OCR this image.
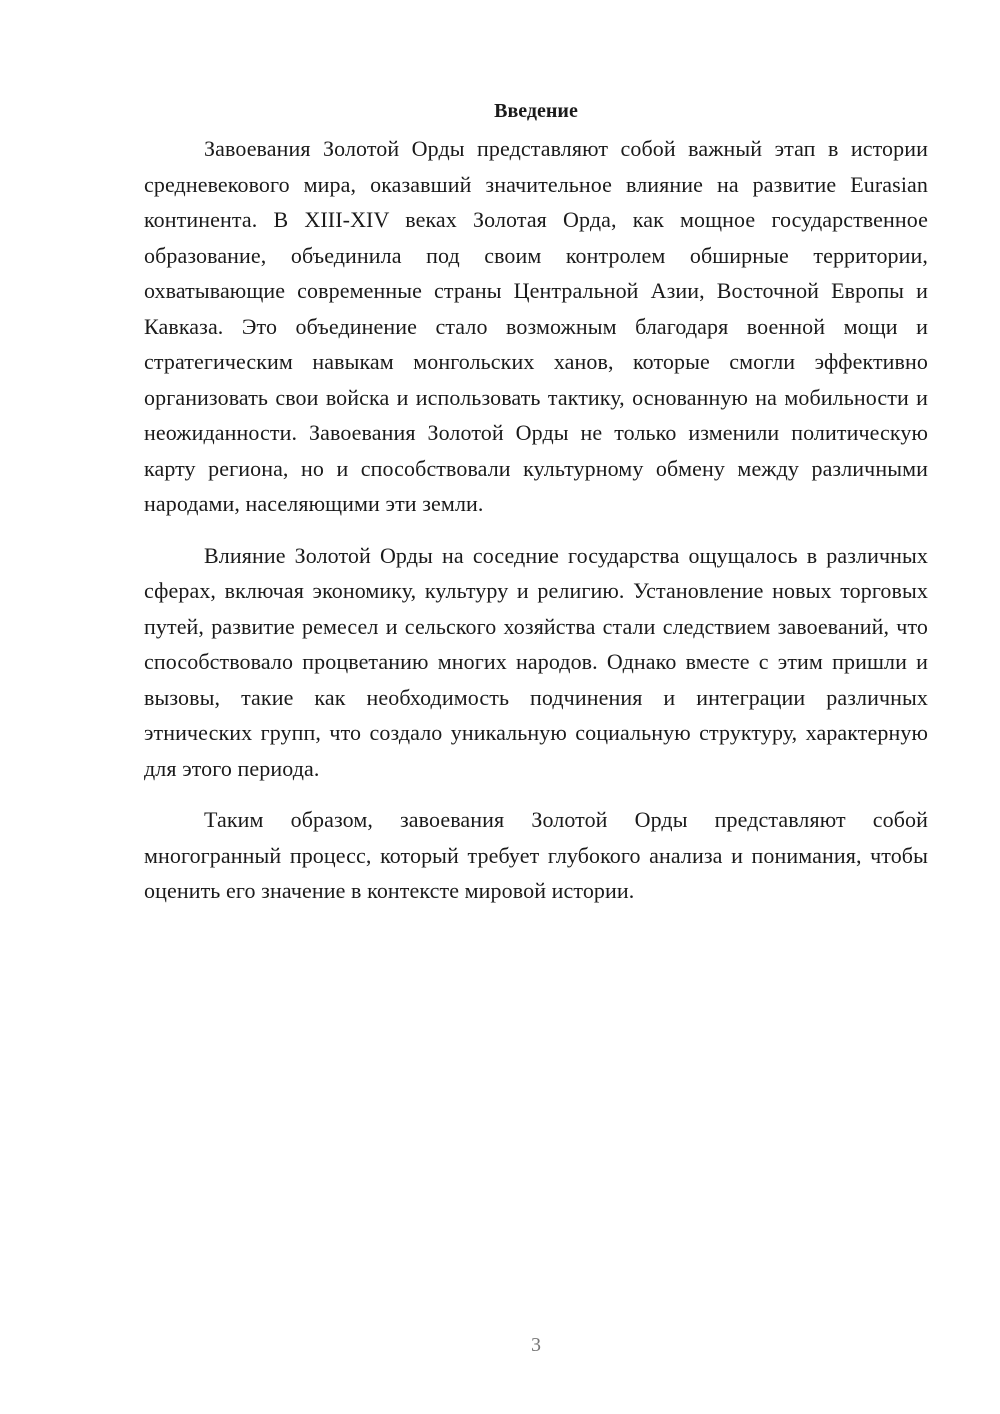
Введение

Завоевания Золотой Орды представляют собой важный этап в истории средневекового мира, оказавший значительное влияние на развитие Eurasian континента. В XIII-XIV веках Золотая Орда, как мощное государственное образование, объединила под своим контролем обширные территории, охватывающие современные страны Центральной Азии, Восточной Европы и Кавказа. Это объединение стало возможным благодаря военной мощи и стратегическим навыкам монгольских ханов, которые смогли эффективно организовать свои войска и использовать тактику, основанную на мобильности и неожиданности. Завоевания Золотой Орды не только изменили политическую карту региона, но и способствовали культурному обмену между различными народами, населяющими эти земли.

Влияние Золотой Орды на соседние государства ощущалось в различных сферах, включая экономику, культуру и религию. Установление новых торговых путей, развитие ремесел и сельского хозяйства стали следствием завоеваний, что способствовало процветанию многих народов. Однако вместе с этим пришли и вызовы, такие как необходимость подчинения и интеграции различных этнических групп, что создало уникальную социальную структуру, характерную для этого периода.

Таким образом, завоевания Золотой Орды представляют собой многогранный процесс, который требует глубокого анализа и понимания, чтобы оценить его значение в контексте мировой истории.

3
